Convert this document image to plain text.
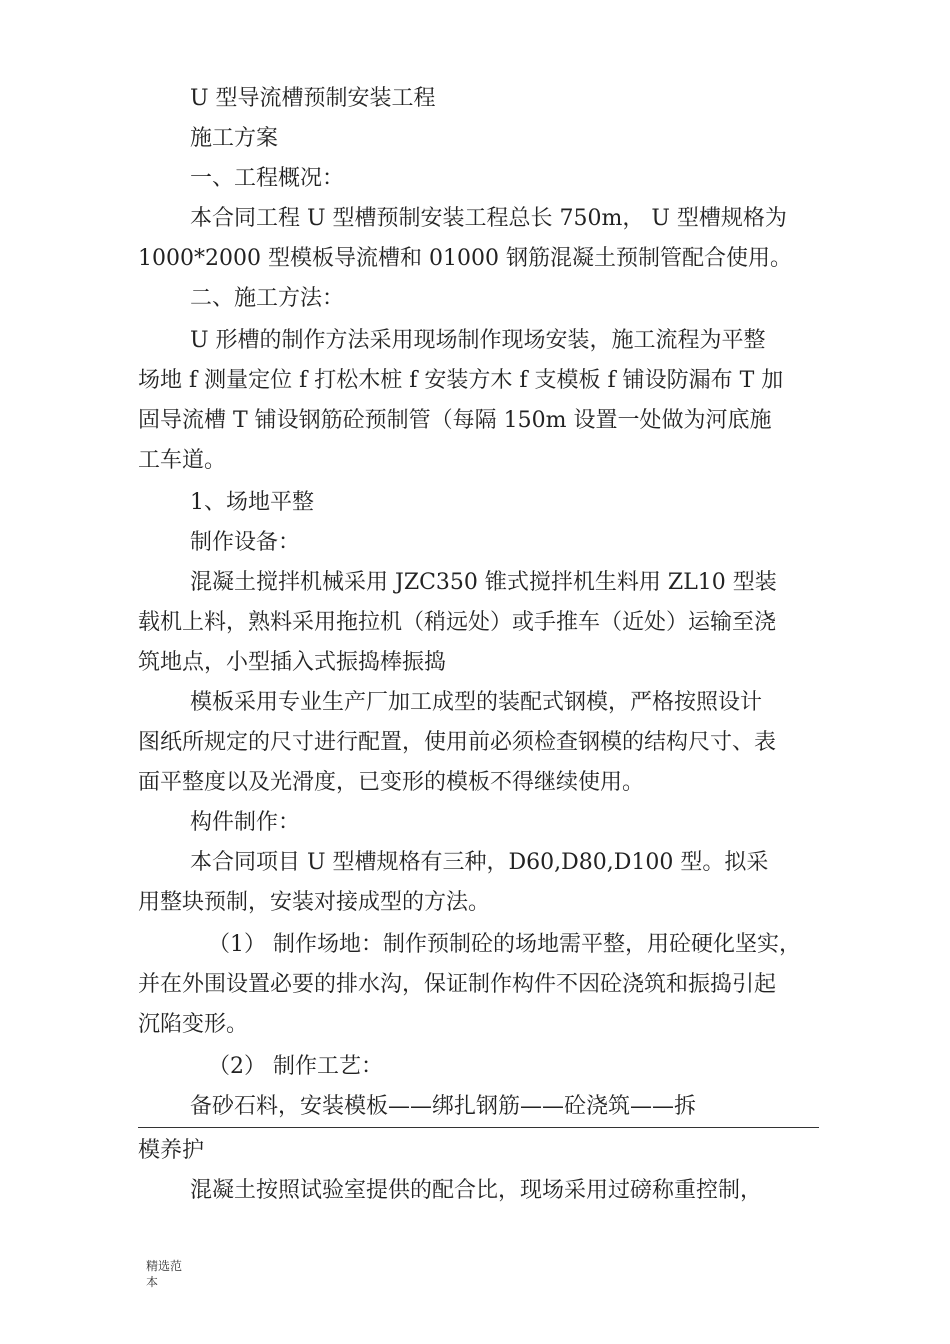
U 型导流槽预制安装工程
施工方案
一、工程概况：
本合同工程 U 型槽预制安装工程总长 750m， U 型槽规格为
1000*2000 型模板导流槽和 01000 钢筋混凝土预制管配合使用。
二、施工方法：
U 形槽的制作方法采用现场制作现场安装，施工流程为平整
场地 f 测量定位 f 打松木桩 f 安装方木 f 支模板 f 铺设防漏布 T 加
固导流槽 T 铺设钢筋砼预制管（每隔 150m 设置一处做为河底施
工车道。
1、场地平整
制作设备：
混凝土搅拌机械采用 JZC350 锥式搅拌机生料用 ZL10 型装
载机上料，熟料采用拖拉机（稍远处）或手推车（近处）运输至浇
筑地点，小型插入式振捣棒振捣
模板采用专业生产厂加工成型的装配式钢模，严格按照设计
图纸所规定的尺寸进行配置，使用前必须检查钢模的结构尺寸、表
面平整度以及光滑度，已变形的模板不得继续使用。
构件制作：
本合同项目 U 型槽规格有三种，D60,D80,D100 型。拟采
用整块预制，安装对接成型的方法。
（1） 制作场地：制作预制砼的场地需平整，用砼硬化坚实，
并在外围设置必要的排水沟，保证制作构件不因砼浇筑和振捣引起
沉陷变形。
（2） 制作工艺：
备砂石料，安装模板——绑扎钢筋——砼浇筑——拆
模养护
混凝土按照试验室提供的配合比，现场采用过磅称重控制，
精选范
本
